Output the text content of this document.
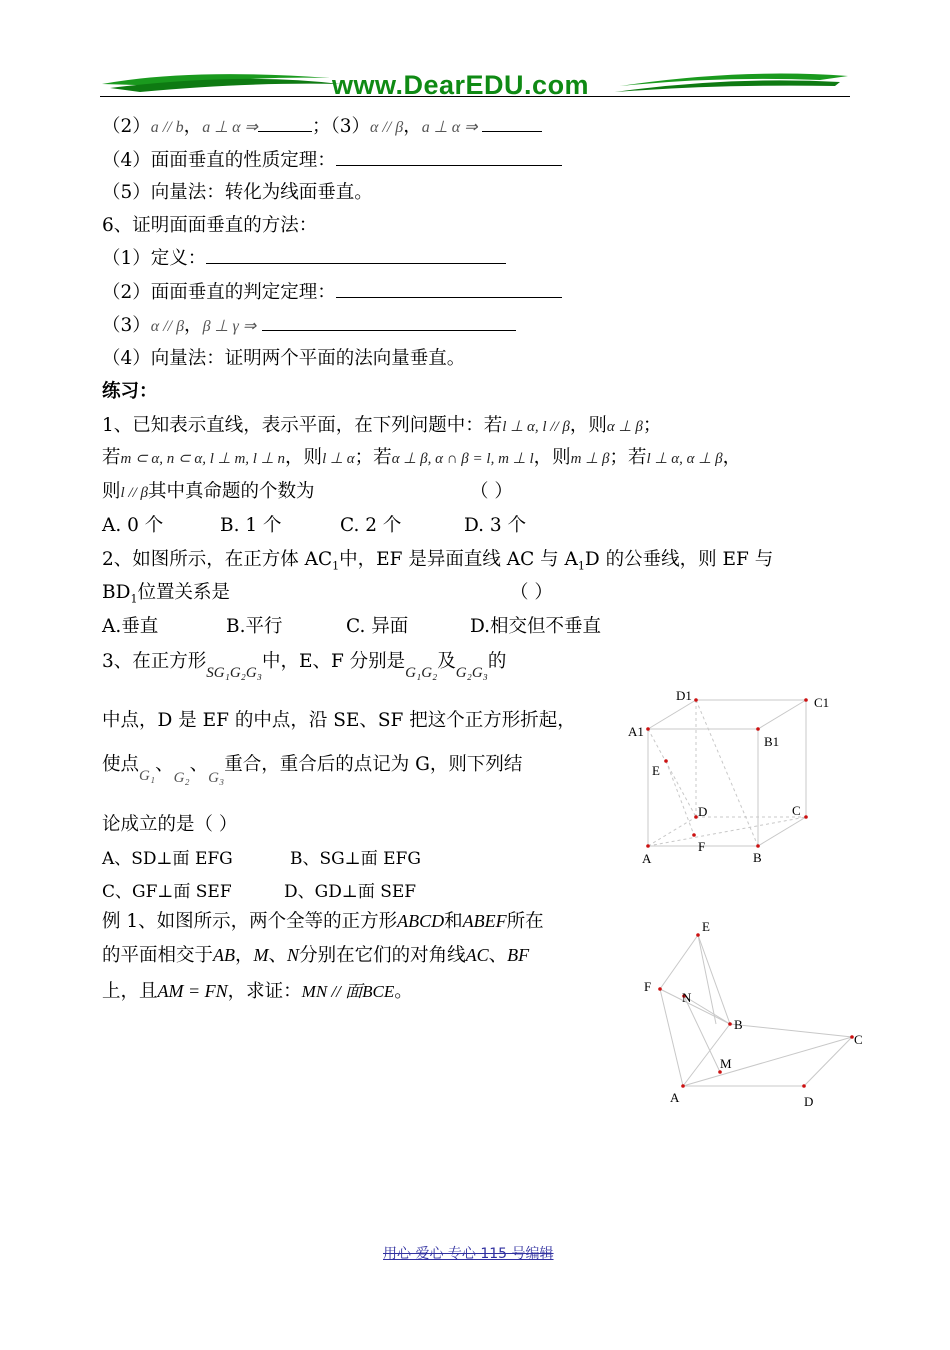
www.DearEDU.com
（2）a // b，a ⊥ α ⇒	；（3）α // β，a ⊥ α ⇒
（4）面面垂直的性质定理：
（5）向量法：转化为线面垂直。
6、证明面面垂直的方法：
（1）定义：
（2）面面垂直的判定定理：
（3）α // β，β ⊥ γ ⇒
（4）向量法：证明两个平面的法向量垂直。
练习：
1、已知表示直线，表示平面，在下列问题中：若l ⊥ α, l // β，则α ⊥ β；
若m ⊂ α, n ⊂ α, l ⊥ m, l ⊥ n，则l ⊥ α；若α ⊥ β, α ∩ β = l, m ⊥ l，则m ⊥ β；若l ⊥ α, α ⊥ β，
则l // β其中真命题的个数为	（ ）
A. 0 个	B. 1 个	C. 2 个	D. 3 个
2、如图所示，在正方体 $AC_1$中，EF 是异面直线 AC 与 $A_1D$ 的公垂线，则 EF 与
$BD_1$位置关系是	（ ）
A.垂直	B.平行	C. 异面	D.相交但不垂直
3、在正方形$_{SG_1G_2G_3}$中，E、F 分别是$_{G_1G_2}$及$_{G_2G_3}$的
中点，D 是 EF 的中点，沿 SE、SF 把这个正方形折起，
使点$_{G_1}$、$_{G_2}$、$_{G_3}$重合，重合后的点记为 G，则下列结
论成立的是（ ）
A、SD⊥面 EFG	B、SG⊥面 EFG
C、GF⊥面 SEF	D、GD⊥面 SEF
例 1、如图所示，两个全等的正方形ABCD和ABEF所在
的平面相交于AB，M、N分别在它们的对角线AC、BF
上，且AM = FN，求证：MN // 面BCE。
D1	C1
A1
B1
E
D	C
A
F
B
E
F
N
B
C
M
A	D
用心 爱心 专心 115 号编辑
